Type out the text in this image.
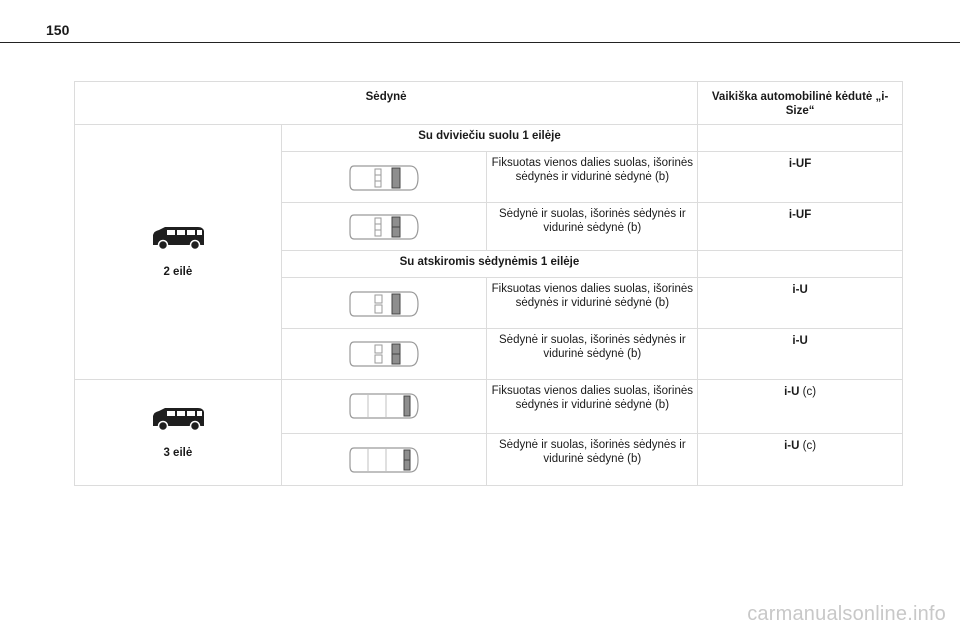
150
Sėdynė			Vaikiška automobilinė kėdutė „i-Size“

2 eilė	Su dviviečiu suolu 1 eilėje		

	Fiksuotas vienos dalies suolas, išorinės sėdynės ir vidurinė sėdynė (b)	i-UF

	Sėdynė ir suolas, išorinės sėdynės ir vidurinė sėdynė (b)	i-UF
	Su atskiromis sėdynėmis 1 eilėje		

	Fiksuotas vienos dalies suolas, išorinės sėdynės ir vidurinė sėdynė (b)	i-U

	Sėdynė ir suolas, išorinės sėdynės ir vidurinė sėdynė (b)	i-U

3 eilė		Fiksuotas vienos dalies suolas, išorinės sėdynės ir vidurinė sėdynė (b)	i-U (c)

	Sėdynė ir suolas, išorinės sėdynės ir vidurinė sėdynė (b)	i-U (c)
carmanualsonline.info
